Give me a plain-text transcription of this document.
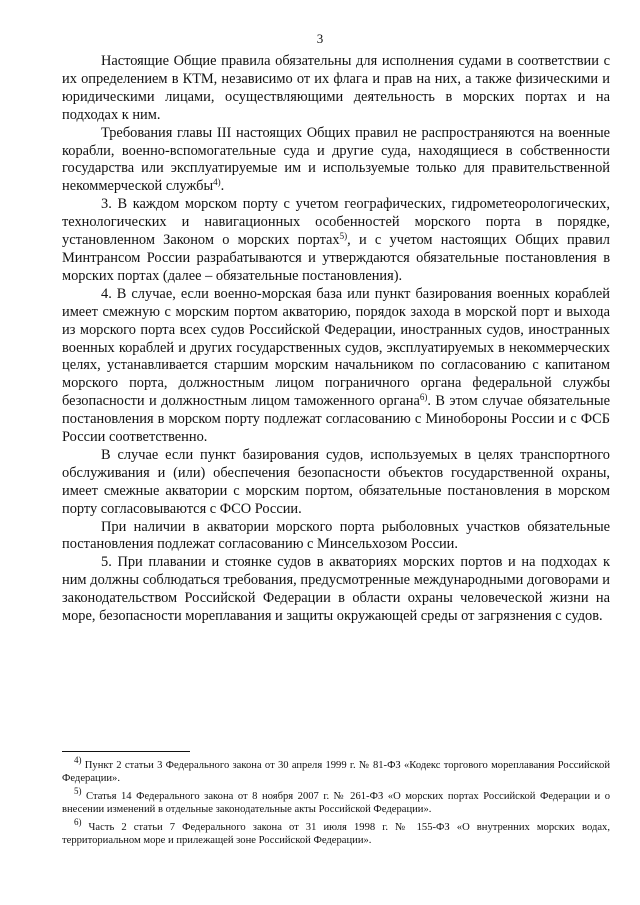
3

Настоящие Общие правила обязательны для исполнения судами в соответствии с их определением в КТМ, независимо от их флага и прав на них, а также физическими и юридическими лицами, осуществляющими деятельность в морских портах и на подходах к ним.

Требования главы III настоящих Общих правил не распространяются на военные корабли, военно-вспомогательные суда и другие суда, находящиеся в собственности государства или эксплуатируемые им и используемые только для правительственной некоммерческой службы$^{4)}$.

3. В каждом морском порту с учетом географических, гидрометеорологических, технологических и навигационных особенностей морского порта в порядке, установленном Законом о морских портах$^{5)}$, и с учетом настоящих Общих правил Минтрансом России разрабатываются и утверждаются обязательные постановления в морских портах (далее – обязательные постановления).

4. В случае, если военно-морская база или пункт базирования военных кораблей имеет смежную с морским портом акваторию, порядок захода в морской порт и выхода из морского порта всех судов Российской Федерации, иностранных судов, иностранных военных кораблей и других государственных судов, эксплуатируемых в некоммерческих целях, устанавливается старшим морским начальником по согласованию с капитаном морского порта, должностным лицом пограничного органа федеральной службы безопасности и должностным лицом таможенного органа$^{6)}$. В этом случае обязательные постановления в морском порту подлежат согласованию с Минобороны России и с ФСБ России соответственно.

В случае если пункт базирования судов, используемых в целях транспортного обслуживания и (или) обеспечения безопасности объектов государственной охраны, имеет смежные акватории с морским портом, обязательные постановления в морском порту согласовываются с ФСО России.

При наличии в акватории морского порта рыболовных участков обязательные постановления подлежат согласованию с Минсельхозом России.

5. При плавании и стоянке судов в акваториях морских портов и на подходах к ним должны соблюдаться требования, предусмотренные международными договорами и законодательством Российской Федерации в области охраны человеческой жизни на море, безопасности мореплавания и защиты окружающей среды от загрязнения с судов.

$^{4)}$ Пункт 2 статьи 3 Федерального закона от 30 апреля 1999 г. № 81-ФЗ «Кодекс торгового мореплавания Российской Федерации».

$^{5)}$ Статья 14 Федерального закона от 8 ноября 2007 г. № 261-ФЗ «О морских портах Российской Федерации и о внесении изменений в отдельные законодательные акты Российской Федерации».

$^{6)}$ Часть 2 статьи 7 Федерального закона от 31 июля 1998 г. № 155-ФЗ «О внутренних морских водах, территориальном море и прилежащей зоне Российской Федерации».
